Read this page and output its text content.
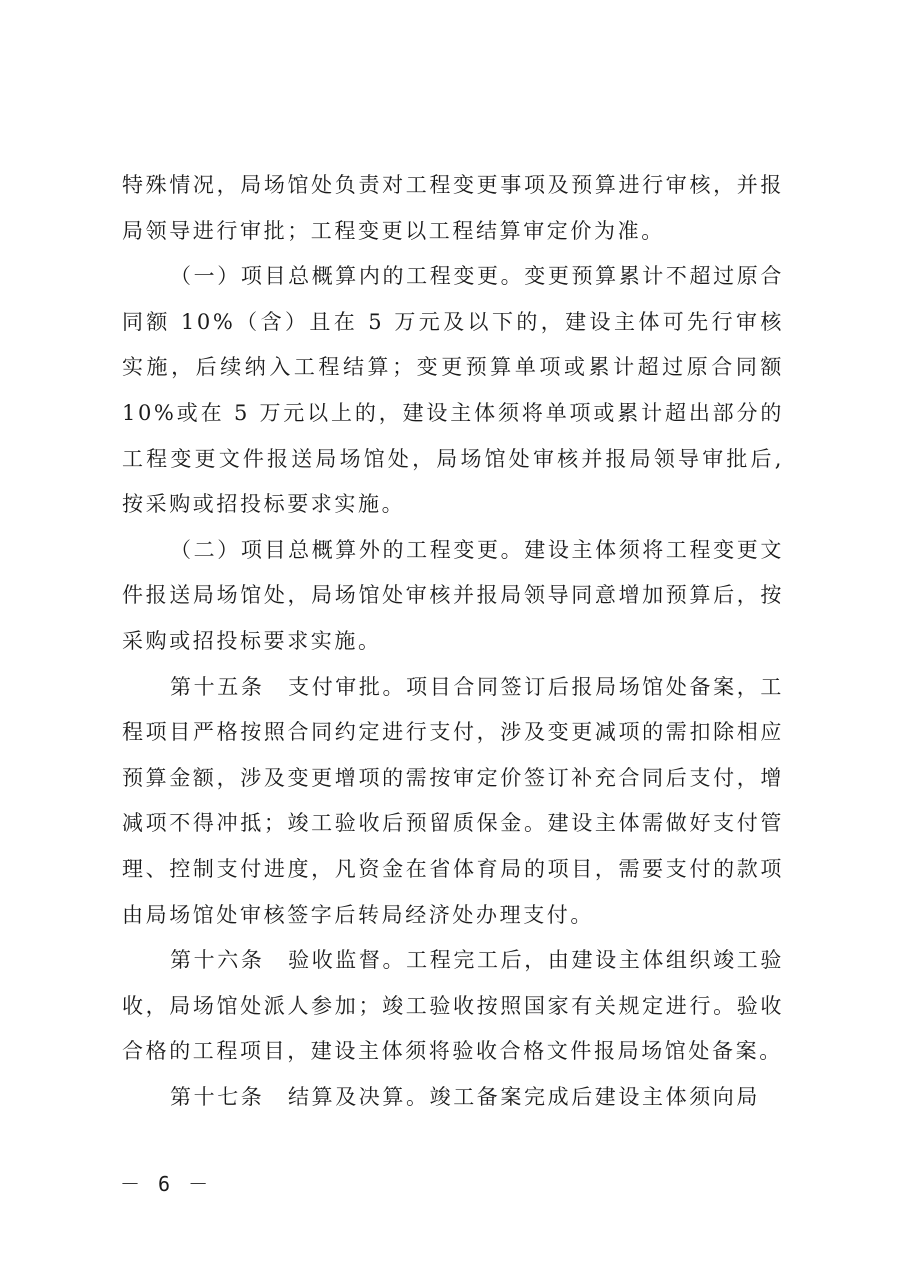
特殊情况，局场馆处负责对工程变更事项及预算进行审核，并报局领导进行审批；工程变更以工程结算审定价为准。

（一）项目总概算内的工程变更。变更预算累计不超过原合同额 10%（含）且在 5 万元及以下的，建设主体可先行审核实施，后续纳入工程结算；变更预算单项或累计超过原合同额 10%或在 5 万元以上的，建设主体须将单项或累计超出部分的工程变更文件报送局场馆处，局场馆处审核并报局领导审批后,按采购或招投标要求实施。

（二）项目总概算外的工程变更。建设主体须将工程变更文件报送局场馆处，局场馆处审核并报局领导同意增加预算后，按采购或招投标要求实施。

第十五条　支付审批。项目合同签订后报局场馆处备案，工程项目严格按照合同约定进行支付，涉及变更减项的需扣除相应预算金额，涉及变更增项的需按审定价签订补充合同后支付，增减项不得冲抵；竣工验收后预留质保金。建设主体需做好支付管理、控制支付进度，凡资金在省体育局的项目，需要支付的款项由局场馆处审核签字后转局经济处办理支付。

第十六条　验收监督。工程完工后，由建设主体组织竣工验收，局场馆处派人参加；竣工验收按照国家有关规定进行。验收合格的工程项目，建设主体须将验收合格文件报局场馆处备案。

第十七条　结算及决算。竣工备案完成后建设主体须向局

－ 6 －
